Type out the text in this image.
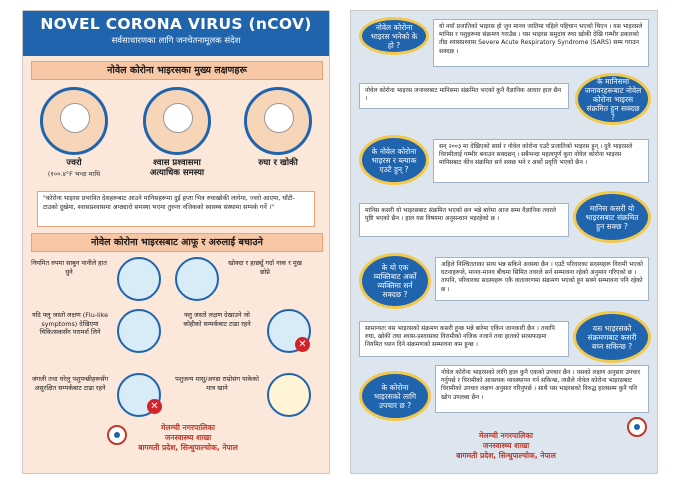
NOVEL CORONA VIRUS (nCOV)
सर्वसाधारणका लागि जनचेतनामूलक संदेश
नोवेल कोरोना भाइरसका मुख्य लक्षणहरू
ज्वरो
(१००.४°F भन्दा माथि
श्वास प्रश्वासमा अत्याधिक समस्या
रुघा र खोकी
"कोरोना भाइरस प्रभावित देशहरूबाट आउने मानिसहरूमा दुई हप्ता भित्र रुघाखोकी लागेमा, ज्वरो आएमा, घाँटी-टाउको दुखेमा, श्वासप्रश्वासमा अप्ठ्यारो समस्या भएमा तुरुन्त नजिकको स्वास्थ्य संस्थामा सम्पर्क गर्ने ।"
नोवेल कोरोना भाइरसबाट आफू र अरुलाई बचाउने
नियमित रुपमा साबुन पानीले हात धुने
खोक्दा र हाछ्युँ गर्दा नाक र मुख छोप्ने
यदि फ्लु जस्तो लक्षण (Flu-like symptoms) देखिएमा चिकित्सकसँग परामर्श लिने
फ्लु जस्तो लक्षण देखाउने जो कोहीको सम्पर्कबाट टाढा रहने
✕
जंगली तथा घरेलु पशुपन्छीहरूसँग असुरक्षित सम्पर्कबाट टाढा रहने
✕
पशुजन्य मासु/अण्डा राम्रोसंग पाकेको मात्र खाने
मेलम्ची नगरपालिका
जनस्वास्थ्य शाखा
बागमती प्रदेश, सिन्धुपाल्चोक, नेपाल
नोवेल कोरोना भाइरस भनेको के हो ?
यो नयाँ प्रजातिको भाइरस हो जुन मानव जातिमा पहिले पहिचान भएको थिएन । यस भाइरसले मानिस र पशुहरूमा संक्रमण गराउँछ । यस भाइरस समुदाय रुघा खोकी देखि गम्भीर प्रकारको तीव्र श्वासप्रश्वास Severe Acute Respiratory Syndrome (SARS) सम्म गराउन सक्दछ ।
नोवेल कोरोना भाइरस जनावरबाट मानिसमा संक्रमित भएको कुनै वैज्ञानिक आधार हाल छैन ।
के मानिसमा जनावरहरूबाट नोवेल कोरोना भाइरस संक्रमित हुन सक्दछ ?
के नोवेल कोरोना भाइरस र ब्ल्याक एउटै हुन् ?
सन् २००३ मा देखिएको सार्स र नोवेल कोरोना एउटै प्रजातिको भाइरस हुन् । दुवै भाइरसले विरामीलाई गम्भीर बनाउन सक्दछन् । सबैभन्दा महत्वपूर्ण कुरा नोवेल कोरोना भाइरस मानिसबाट कीव संक्रमित सर्न सक्छ भने र अर्को प्रवृत्ति भएको छैन ।
मानिस कसरी यो भाइरसबाट संक्रमित भएको छन भन्ने बारेमा आज सम्म वैज्ञानिक तवरले पुष्टि भएको छैन । हाल यस विषयमा अनुसन्धान भइरहेको छ ।
मानिस कसरी यो भाइरसबाट संक्रमित हुन सक्छ ?
के यो एक व्यक्तिबाट अर्को व्यक्तिमा सर्न सक्दछ ?
अहिले निश्चितताका साथ भन्न सकिने अवस्था छैन । एउटै परिवारका सदस्यहरू विरामी भएको घटनाहरूले, मानव-मानव बीचमा सिमित तवरले सर्न सम्भावना रहेको अनुमान गरिएको छ । तापनि, परिवारका सदस्यहरू एकै वातावरणमा संक्रमण भएको हुन सक्ने सम्भावना पनि रहेको छ ।
सामान्यतः यस भाइरसको संक्रमण कसरी हुन्छ भन्ने बारेमा एकिन जानकारी छैन । तथापि रुघा, खोकी तथा श्वास-प्रश्वासका विरामीको नजिक नजाने तथा हातको सरसफाइमा नियमित ध्यान दिने संक्रमणको सम्भावना कम हुन्छ ।
यस भाइरसको संक्रमणबाट कसरी बच्न सकिन्छ ?
के कोरोना भाइरसको लागि उपचार छ ?
नोवेल कोरोना भाइरसको लागि हाल कुनै एकको उपचार छैन । यसको लक्षण अनुसार उपचार गर्नुपर्छ र विरामीको आवश्यक व्यवस्थापन गर्न सकिन्छ, त्यसैले नोवेल कोरोना भाइरसबाट विरामीको उपचार लक्षण अनुसार गरिनुपर्छ । साथै यस भाइरसको विरुद्ध हालसम्म कुनै पनि खोप उपलब्ध छैन ।
मेलम्ची नगरपालिका
जनस्वास्थ्य शाखा
बागमती प्रदेश, सिन्धुपाल्चोक, नेपाल
